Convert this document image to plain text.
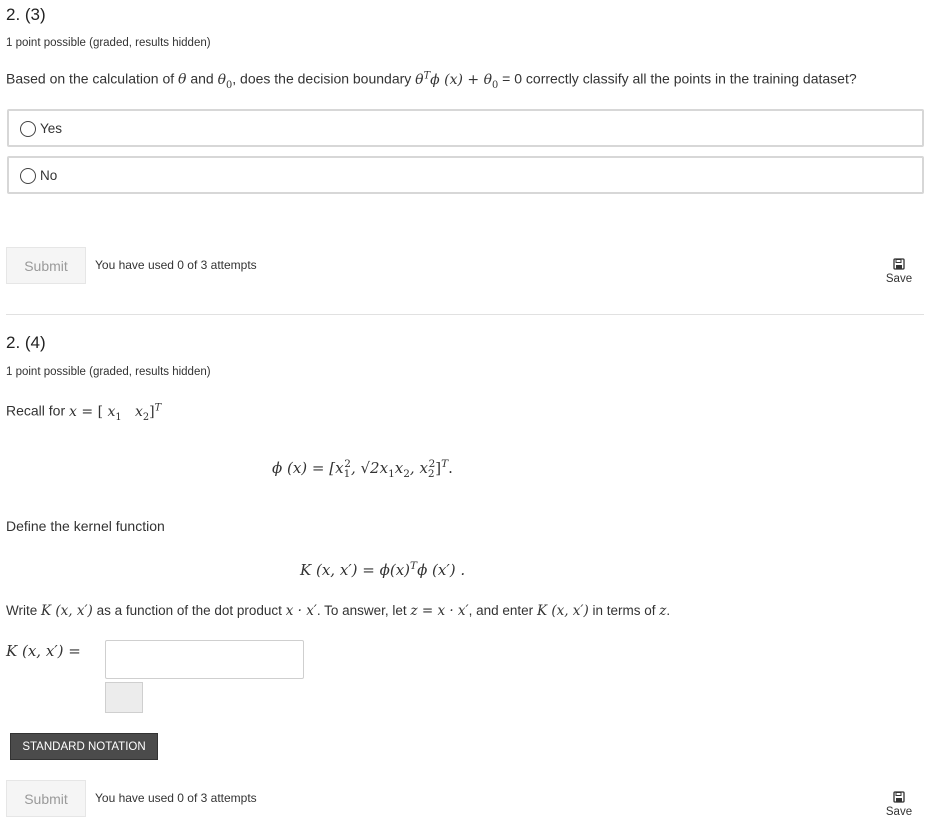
2. (3)
1 point possible (graded, results hidden)
Based on the calculation of θ and $\theta_0$, does the decision boundary $\theta^T\phi$ $(x) + \theta_0 = 0$ correctly classify all the points in the training dataset?
Yes
No
Submit	You have used 0 of 3 attempts
Save
2. (4)
1 point possible (graded, results hidden)
Recall for x = [ $x_1$ $x_2]^T$
ϕ $(x) = [x_1^2$, $√2x_1x_2$, $x_2^2]^T$.
Define the kernel function
K (x, $x') = \phi(x)^T\phi$ (x′) .
Write K (x, x′) as a function of the dot product x · x′. To answer, let z = x · x′, and enter K (x, x′) in terms of z.
K (x, x′) =
STANDARD NOTATION
Submit	You have used 0 of 3 attempts
Save
